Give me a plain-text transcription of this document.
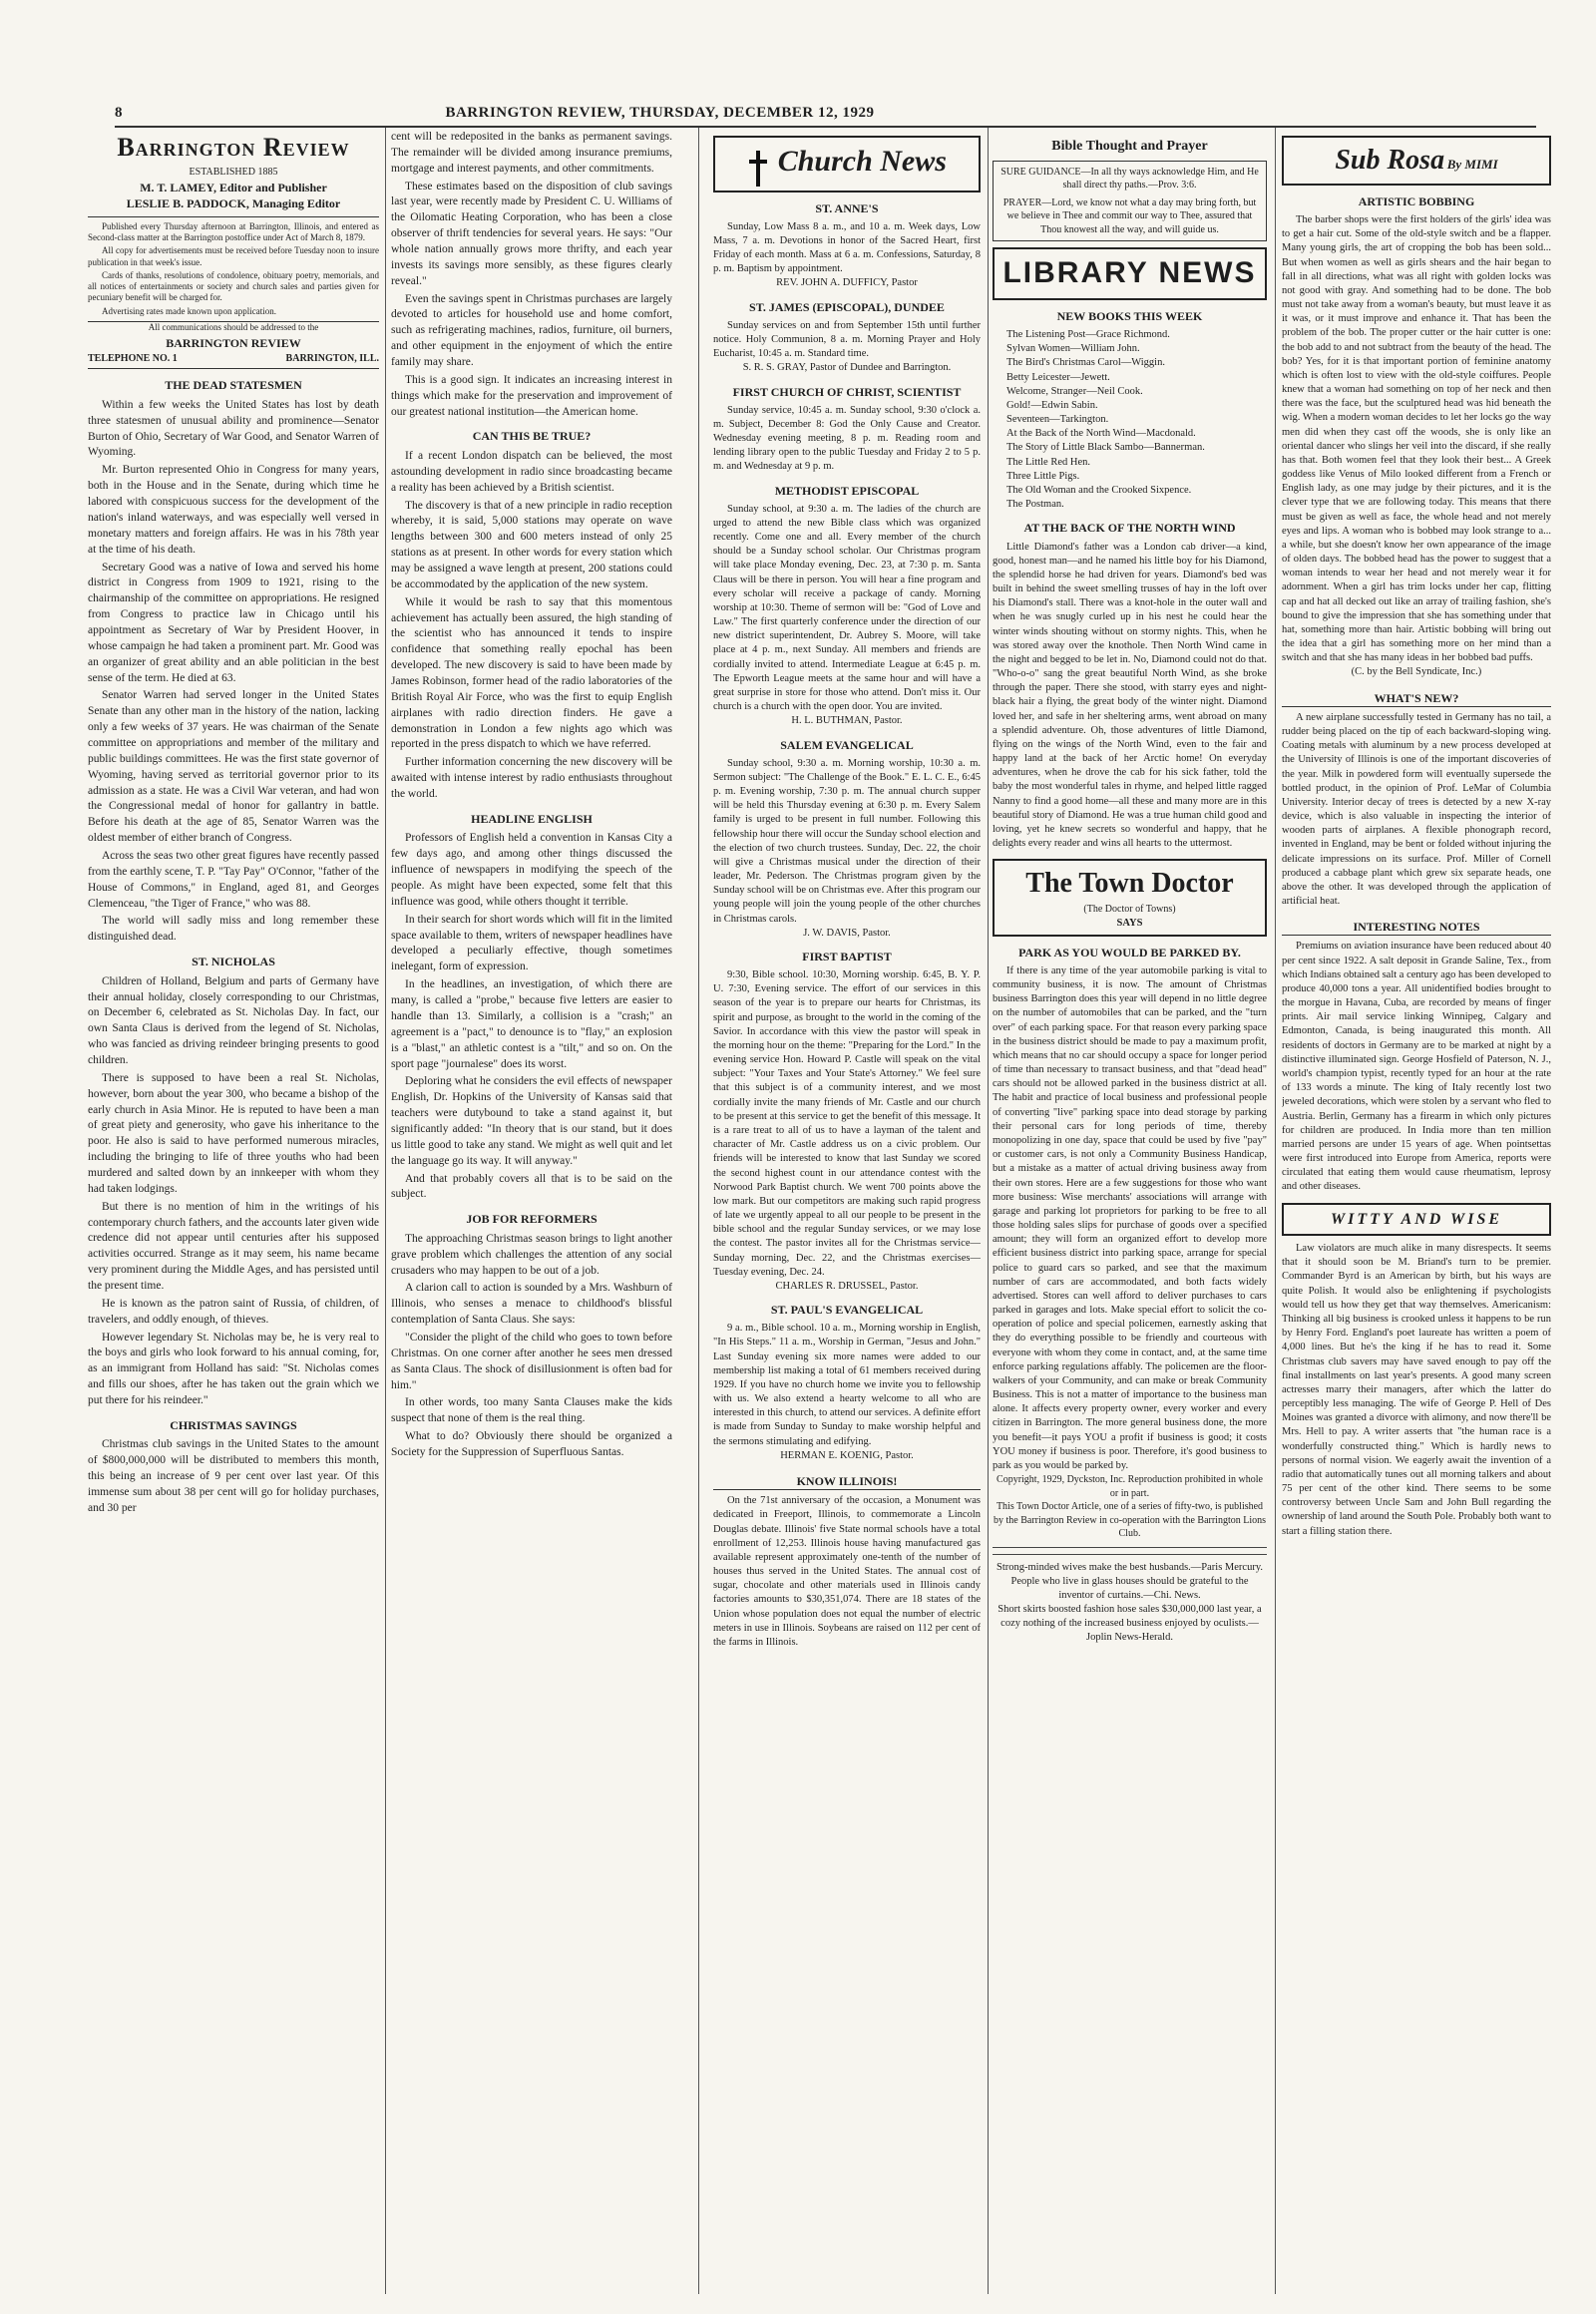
8	BARRINGTON REVIEW, THURSDAY, DECEMBER 12, 1929
Barrington Review
ESTABLISHED 1885
M. T. LAMEY, Editor and Publisher
LESLIE B. PADDOCK, Managing Editor

Published every Thursday afternoon at Barrington, Illinois, and entered as Second-class matter at the Barrington postoffice under Act of March 8, 1879.

All copy for advertisements must be received before Tuesday noon to insure publication in that week's issue.

Cards of thanks, resolutions of condolence, obituary poetry, memorials, and all notices of entertainments or society and church sales and parties given for pecuniary benefit will be charged for.

Advertising rates made known upon application.

All communications should be addressed to the

BARRINGTON REVIEW
TELEPHONE NO. 1	BARRINGTON, ILL.
THE DEAD STATESMEN

Within a few weeks the United States has lost by death three statesmen of unusual ability and prominence—Senator Burton of Ohio, Secretary of War Good, and Senator Warren of Wyoming.

Mr. Burton represented Ohio in Congress for many years, both in the House and in the Senate, during which time he labored with conspicuous success for the development of the nation's inland waterways, and was especially well versed in monetary matters and foreign affairs. He was in his 78th year at the time of his death.

Secretary Good was a native of Iowa and served his home district in Congress from 1909 to 1921, rising to the chairmanship of the committee on appropriations. He resigned from Congress to practice law in Chicago until his appointment as Secretary of War by President Hoover, in whose campaign he had taken a prominent part. Mr. Good was an organizer of great ability and an able politician in the best sense of the term. He died at 63.

Senator Warren had served longer in the United States Senate than any other man in the history of the nation, lacking only a few weeks of 37 years. He was chairman of the Senate committee on appropriations and member of the military and public buildings committees. He was the first state governor of Wyoming, having served as territorial governor prior to its admission as a state. He was a Civil War veteran, and had won the Congressional medal of honor for gallantry in battle. Before his death at the age of 85, Senator Warren was the oldest member of either branch of Congress.

Across the seas two other great figures have recently passed from the earthly scene, T. P. "Tay Pay" O'Connor, "father of the House of Commons," in England, aged 81, and Georges Clemenceau, "the Tiger of France," who was 88.

The world will sadly miss and long remember these distinguished dead.

ST. NICHOLAS

Children of Holland, Belgium and parts of Germany have their annual holiday, closely corresponding to our Christmas, on December 6, celebrated as St. Nicholas Day. In fact, our own Santa Claus is derived from the legend of St. Nicholas, who was fancied as driving reindeer bringing presents to good children.

There is supposed to have been a real St. Nicholas, however, born about the year 300, who became a bishop of the early church in Asia Minor. He is reputed to have been a man of great piety and generosity, who gave his inheritance to the poor. He also is said to have performed numerous miracles, including the bringing to life of three youths who had been murdered and salted down by an innkeeper with whom they had taken lodgings.

But there is no mention of him in the writings of his contemporary church fathers, and the accounts later given wide credence did not appear until centuries after his supposed activities occurred. Strange as it may seem, his name became very prominent during the Middle Ages, and has persisted until the present time.

He is known as the patron saint of Russia, of children, of travelers, and oddly enough, of thieves.

However legendary St. Nicholas may be, he is very real to the boys and girls who look forward to his annual coming, for, as an immigrant from Holland has said: "St. Nicholas comes and fills our shoes, after he has taken out the grain which we put there for his reindeer."

CHRISTMAS SAVINGS

Christmas club savings in the United States to the amount of $800,000,000 will be distributed to members this month, this being an increase of 9 per cent over last year. Of this immense sum about 38 per cent will go for holiday purchases, and 30 per

cent will be redeposited in the banks as permanent savings. The remainder will be divided among insurance premiums, mortgage and interest payments, and other commitments.

These estimates based on the disposition of club savings last year, were recently made by President C. U. Williams of the Oilomatic Heating Corporation, who has been a close observer of thrift tendencies for several years. He says: "Our whole nation annually grows more thrifty, and each year invests its savings more sensibly, as these figures clearly reveal."

Even the savings spent in Christmas purchases are largely devoted to articles for household use and home comfort, such as refrigerating machines, radios, furniture, oil burners, and other equipment in the enjoyment of which the entire family may share.

This is a good sign. It indicates an increasing interest in things which make for the preservation and improvement of our greatest national institution—the American home.

CAN THIS BE TRUE?

If a recent London dispatch can be believed, the most astounding development in radio since broadcasting became a reality has been achieved by a British scientist.

The discovery is that of a new principle in radio reception whereby, it is said, 5,000 stations may operate on wave lengths between 300 and 600 meters instead of only 25 stations as at present. In other words for every station which may be assigned a wave length at present, 200 stations could be accommodated by the application of the new system.

While it would be rash to say that this momentous achievement has actually been assured, the high standing of the scientist who has announced it tends to inspire confidence that something really epochal has been developed. The new discovery is said to have been made by James Robinson, former head of the radio laboratories of the British Royal Air Force, who was the first to equip English airplanes with radio direction finders. He gave a demonstration in London a few nights ago which was reported in the press dispatch to which we have referred.

Further information concerning the new discovery will be awaited with intense interest by radio enthusiasts throughout the world.

HEADLINE ENGLISH

Professors of English held a convention in Kansas City a few days ago, and among other things discussed the influence of newspapers in modifying the speech of the people. As might have been expected, some felt that this influence was good, while others thought it terrible.

In their search for short words which will fit in the limited space available to them, writers of newspaper headlines have developed a peculiarly effective, though sometimes inelegant, form of expression.

In the headlines, an investigation, of which there are many, is called a "probe," because five letters are easier to handle than 13. Similarly, a collision is a "crash;" an agreement is a "pact," to denounce is to "flay," an explosion is a "blast," an athletic contest is a "tilt," and so on. On the sport page "journalese" does its worst.

Deploring what he considers the evil effects of newspaper English, Dr. Hopkins of the University of Kansas said that teachers were dutybound to take a stand against it, but significantly added: "In theory that is our stand, but it does us little good to take any stand. We might as well quit and let the language go its way. It will anyway."

And that probably covers all that is to be said on the subject.

JOB FOR REFORMERS

The approaching Christmas season brings to light another grave problem which challenges the attention of any social crusaders who may happen to be out of a job.

A clarion call to action is sounded by a Mrs. Washburn of Illinois, who senses a menace to childhood's blissful contemplation of Santa Claus. She says:

"Consider the plight of the child who goes to town before Christmas. On one corner after another he sees men dressed as Santa Claus. The shock of disillusionment is often bad for him."

In other words, too many Santa Clauses make the kids suspect that none of them is the real thing.

What to do? Obviously there should be organized a Society for the Suppression of Superfluous Santas.

Church News
ST. ANNE'S

Sunday, Low Mass 8 a. m., and 10 a. m. Week days, Low Mass, 7 a. m. Devotions in honor of the Sacred Heart, first Friday of each month. Mass at 6 a. m. Confessions, Saturday, 8 p. m. Baptism by appointment.

REV. JOHN A. DUFFICY, Pastor

ST. JAMES (EPISCOPAL), DUNDEE

Sunday services on and from September 15th until further notice. Holy Communion, 8 a. m. Morning Prayer and Holy Eucharist, 10:45 a. m. Standard time.

S. R. S. GRAY, Pastor of Dundee and Barrington.

FIRST CHURCH OF CHRIST, SCIENTIST

Sunday service, 10:45 a. m. Sunday school, 9:30 o'clock a. m. Subject, December 8: God the Only Cause and Creator. Wednesday evening meeting, 8 p. m. Reading room and lending library open to the public Tuesday and Friday 2 to 5 p. m. and Wednesday at 9 p. m.

METHODIST EPISCOPAL

Sunday school, at 9:30 a. m. The ladies of the church are urged to attend the new Bible class which was organized recently. Come one and all. Every member of the church should be a Sunday school scholar. Our Christmas program will take place Monday evening, Dec. 23, at 7:30 p. m. Santa Claus will be there in person. You will hear a fine program and every scholar will receive a package of candy. Morning worship at 10:30. Theme of sermon will be: "God of Love and Law." The first quarterly conference under the direction of our new district superintendent, Dr. Aubrey S. Moore, will take place at 4 p. m., next Sunday. All members and friends are cordially invited to attend. Intermediate League at 6:45 p. m. The Epworth League meets at the same hour and will have a great surprise in store for those who attend. Don't miss it. Our church is a church with the open door. You are invited.

H. L. BUTHMAN, Pastor.

SALEM EVANGELICAL

Sunday school, 9:30 a. m. Morning worship, 10:30 a. m. Sermon subject: "The Challenge of the Book." E. L. C. E., 6:45 p. m. Evening worship, 7:30 p. m. The annual church supper will be held this Thursday evening at 6:30 p. m. Every Salem family is urged to be present in full number. Following this fellowship hour there will occur the Sunday school election and the election of two church trustees. Sunday, Dec. 22, the choir will give a Christmas musical under the direction of their leader, Mr. Pederson. The Christmas program given by the Sunday school will be on Christmas eve. After this program our young people will join the young people of the other churches in Christmas carols.

J. W. DAVIS, Pastor.

FIRST BAPTIST

9:30, Bible school. 10:30, Morning worship. 6:45, B. Y. P. U. 7:30, Evening service. The effort of our services in this season of the year is to prepare our hearts for Christmas, its spirit and purpose, as brought to the world in the coming of the Savior. In accordance with this view the pastor will speak in the morning hour on the theme: "Preparing for the Lord." In the evening service Hon. Howard P. Castle will speak on the vital subject: "Your Taxes and Your State's Attorney." We feel sure that this subject is of a community interest, and we most cordially invite the many friends of Mr. Castle and our church to be present at this service to get the benefit of this message. It is a rare treat to all of us to have a layman of the talent and character of Mr. Castle address us on a civic problem. Our friends will be interested to know that last Sunday we scored the second highest count in our attendance contest with the Norwood Park Baptist church. We went 700 points above the low mark. But our competitors are making such rapid progress of late we urgently appeal to all our people to be present in the bible school and the regular Sunday services, or we may lose the contest. The pastor invites all for the Christmas service—Sunday morning, Dec. 22, and the Christmas exercises—Tuesday evening, Dec. 24.

CHARLES R. DRUSSEL, Pastor.

ST. PAUL'S EVANGELICAL

9 a. m., Bible school. 10 a. m., Morning worship in English, "In His Steps." 11 a. m., Worship in German, "Jesus and John." Last Sunday evening six more names were added to our membership list making a total of 61 members received during 1929. If you have no church home we invite you to fellowship with us. We also extend a hearty welcome to all who are interested in this church, to attend our services. A definite effort is made from Sunday to Sunday to make worship helpful and the sermons stimulating and edifying.

HERMAN E. KOENIG, Pastor.

KNOW ILLINOIS!

On the 71st anniversary of the occasion, a Monument was dedicated in Freeport, Illinois, to commemorate a Lincoln Douglas debate. Illinois' five State normal schools have a total enrollment of 12,253. Illinois house having manufactured gas available represent approximately one-tenth of the number of houses thus served in the United States. The annual cost of sugar, chocolate and other materials used in Illinois candy factories amounts to $30,351,074. There are 18 states of the Union whose population does not equal the number of electric meters in use in Illinois. Soybeans are raised on 112 per cent of the farms in Illinois.

Bible Thought and Prayer

SURE GUIDANCE—In all thy ways acknowledge Him, and He shall direct thy paths.—Prov. 3:6.

PRAYER—Lord, we know not what a day may bring forth, but we believe in Thee and commit our way to Thee, assured that Thou knowest all the way, and will guide us.

LIBRARY NEWS
NEW BOOKS THIS WEEK

The Listening Post—Grace Richmond.

Sylvan Women—William John.

The Bird's Christmas Carol—Wiggin.

Betty Leicester—Jewett.

Welcome, Stranger—Neil Cook.

Gold!—Edwin Sabin.

Seventeen—Tarkington.

At the Back of the North Wind—Macdonald.

The Story of Little Black Sambo—Bannerman.

The Little Red Hen.

Three Little Pigs.

The Old Woman and the Crooked Sixpence.

The Postman.

AT THE BACK OF THE NORTH WIND

Little Diamond's father was a London cab driver—a kind, good, honest man—and he named his little boy for his Diamond, the splendid horse he had driven for years. Diamond's bed was built in behind the sweet smelling trusses of hay in the loft over his Diamond's stall. There was a knot-hole in the outer wall and when he was snugly curled up in his nest he could hear the winter winds shouting without on stormy nights. This, when he was stored away over the knothole. Then North Wind came in the night and begged to be let in. No, Diamond could not do that. "Who-o-o" sang the great beautiful North Wind, as she broke through the paper. There she stood, with starry eyes and night-black hair a flying, the great body of the winter night. Diamond loved her, and safe in her sheltering arms, went abroad on many a splendid adventure. Oh, those adventures of little Diamond, flying on the wings of the North Wind, even to the fair and happy land at the back of her Arctic home! On everyday adventures, when he drove the cab for his sick father, told the baby the most wonderful tales in rhyme, and helped little ragged Nanny to find a good home—all these and many more are in this beautiful story of Diamond. He was a true human child good and loving, yet he knew secrets so wonderful and happy, that he delights every reader and wins all hearts to the uttermost.

The Town Doctor
(The Doctor of Towns)
SAYS
PARK AS YOU WOULD BE PARKED BY.

If there is any time of the year automobile parking is vital to community business, it is now. The amount of Christmas business Barrington does this year will depend in no little degree on the number of automobiles that can be parked, and the "turn over" of each parking space. For that reason every parking space in the business district should be made to pay a maximum profit, which means that no car should occupy a space for longer period of time than necessary to transact business, and that "dead head" cars should not be allowed parked in the business district at all. The habit and practice of local business and professional people of converting "live" parking space into dead storage by parking their personal cars for long periods of time, thereby monopolizing in one day, space that could be used by five "pay" or customer cars, is not only a Community Business Handicap, but a mistake as a matter of actual driving business away from their own stores. Here are a few suggestions for those who want more business: Wise merchants' associations will arrange with garage and parking lot proprietors for parking to be free to all those holding sales slips for purchase of goods over a specified amount; they will form an organized effort to develop more efficient business district into parking space, arrange for special police to guard cars so parked, and see that the maximum number of cars are accommodated, and both facts widely advertised. Stores can well afford to deliver purchases to cars parked in garages and lots. Make special effort to solicit the co-operation of police and special policemen, earnestly asking that they do everything possible to be friendly and courteous with everyone with whom they come in contact, and, at the same time enforce parking regulations affably. The policemen are the floor-walkers of your Community, and can make or break Community Business. This is not a matter of importance to the business man alone. It affects every property owner, every worker and every citizen in Barrington. The more general business done, the more you benefit—it pays YOU a profit if business is good; it costs YOU money if business is poor. Therefore, it's good business to park as you would be parked by.

Copyright, 1929, Dyckston, Inc. Reproduction prohibited in whole or in part.

This Town Doctor Article, one of a series of fifty-two, is published by the Barrington Review in co-operation with the Barrington Lions Club.

Strong-minded wives make the best husbands.—Paris Mercury.

People who live in glass houses should be grateful to the inventor of curtains.—Chi. News.

Short skirts boosted fashion hose sales $30,000,000 last year, a cozy nothing of the increased business enjoyed by oculists.—Joplin News-Herald.

Sub Rosa By MIMI
ARTISTIC BOBBING

The barber shops were the first holders of the girls' idea was to get a hair cut. Some of the old-style switch and be a flapper. Many young girls, the art of cropping the bob has been sold... But when women as well as girls shears and the hair began to fall in all directions, what was all right with golden locks was not good with gray. And something had to be done. The bob must not take away from a woman's beauty, but must leave it as it was, or it must improve and enhance it. That has been the problem of the bob. The proper cutter or the hair cutter is one: the bob add to and not subtract from the beauty of the head. The bob? Yes, for it is that important portion of feminine anatomy which is often lost to view with the old-style coiffures. People knew that a woman had something on top of her neck and then there was the face, but the sculptured head was hid beneath the wig. When a modern woman decides to let her locks go the way men did when they cast off the woods, she is only like an oriental dancer who slings her veil into the discard, if she really has that. Both women feel that they look their best... A Greek goddess like Venus of Milo looked different from a French or English lady, as one may judge by their pictures, and it is the clever type that we are following today. This means that there must be given as well as face, the whole head and not merely eyes and lips. A woman who is bobbed may look strange to a... a while, but she doesn't know her own appearance of the image of olden days. The bobbed head has the power to suggest that a woman intends to wear her head and not merely wear it for adornment. When a girl has trim locks under her cap, flitting cap and hat all decked out like an array of trailing fashion, she's bound to give the impression that she has something under that hat, something more than hair. Artistic bobbing will bring out the idea that a girl has something more on her mind than a switch and that she has many ideas in her bobbed bad puffs.

(C. by the Bell Syndicate, Inc.)

WHAT'S NEW?

A new airplane successfully tested in Germany has no tail, a rudder being placed on the tip of each backward-sloping wing. Coating metals with aluminum by a new process developed at the University of Illinois is one of the important discoveries of the year. Milk in powdered form will eventually supersede the bottled product, in the opinion of Prof. LeMar of Columbia University. Interior decay of trees is detected by a new X-ray device, which is also valuable in inspecting the interior of wooden parts of airplanes. A flexible phonograph record, invented in England, may be bent or folded without injuring the delicate impressions on its surface. Prof. Miller of Cornell produced a cabbage plant which grew six separate heads, one above the other. It was developed through the application of artificial heat.

INTERESTING NOTES

Premiums on aviation insurance have been reduced about 40 per cent since 1922. A salt deposit in Grande Saline, Tex., from which Indians obtained salt a century ago has been developed to produce 40,000 tons a year. All unidentified bodies brought to the morgue in Havana, Cuba, are recorded by means of finger prints. Air mail service linking Winnipeg, Calgary and Edmonton, Canada, is being inaugurated this month. All residents of doctors in Germany are to be marked at night by a distinctive illuminated sign. George Hosfield of Paterson, N. J., world's champion typist, recently typed for an hour at the rate of 133 words a minute. The king of Italy recently lost two jeweled decorations, which were stolen by a servant who fled to Austria. Berlin, Germany has a firearm in which only pictures for children are produced. In India more than ten million married persons are under 15 years of age. When pointsettas were first introduced into Europe from America, reports were circulated that eating them would cause rheumatism, leprosy and other diseases.

WITTY AND WISE

Law violators are much alike in many disrespects. It seems that it should soon be M. Briand's turn to be premier. Commander Byrd is an American by birth, but his ways are quite Polish. It would also be enlightening if psychologists would tell us how they get that way themselves. Americanism: Thinking all big business is crooked unless it happens to be run by Henry Ford. England's poet laureate has written a poem of 4,000 lines. But he's the king if he has to read it. Some Christmas club savers may have saved enough to pay off the final installments on last year's presents. A good many screen actresses marry their managers, after which the latter do perceptibly less managing. The wife of George P. Hell of Des Moines was granted a divorce with alimony, and now there'll be Mrs. Hell to pay. A writer asserts that "the human race is a wonderfully constructed thing." Which is hardly news to persons of normal vision. We eagerly await the invention of a radio that automatically tunes out all morning talkers and about 75 per cent of the other kind. There seems to be some controversy between Uncle Sam and John Bull regarding the ownership of land around the South Pole. Probably both want to start a filling station there.
